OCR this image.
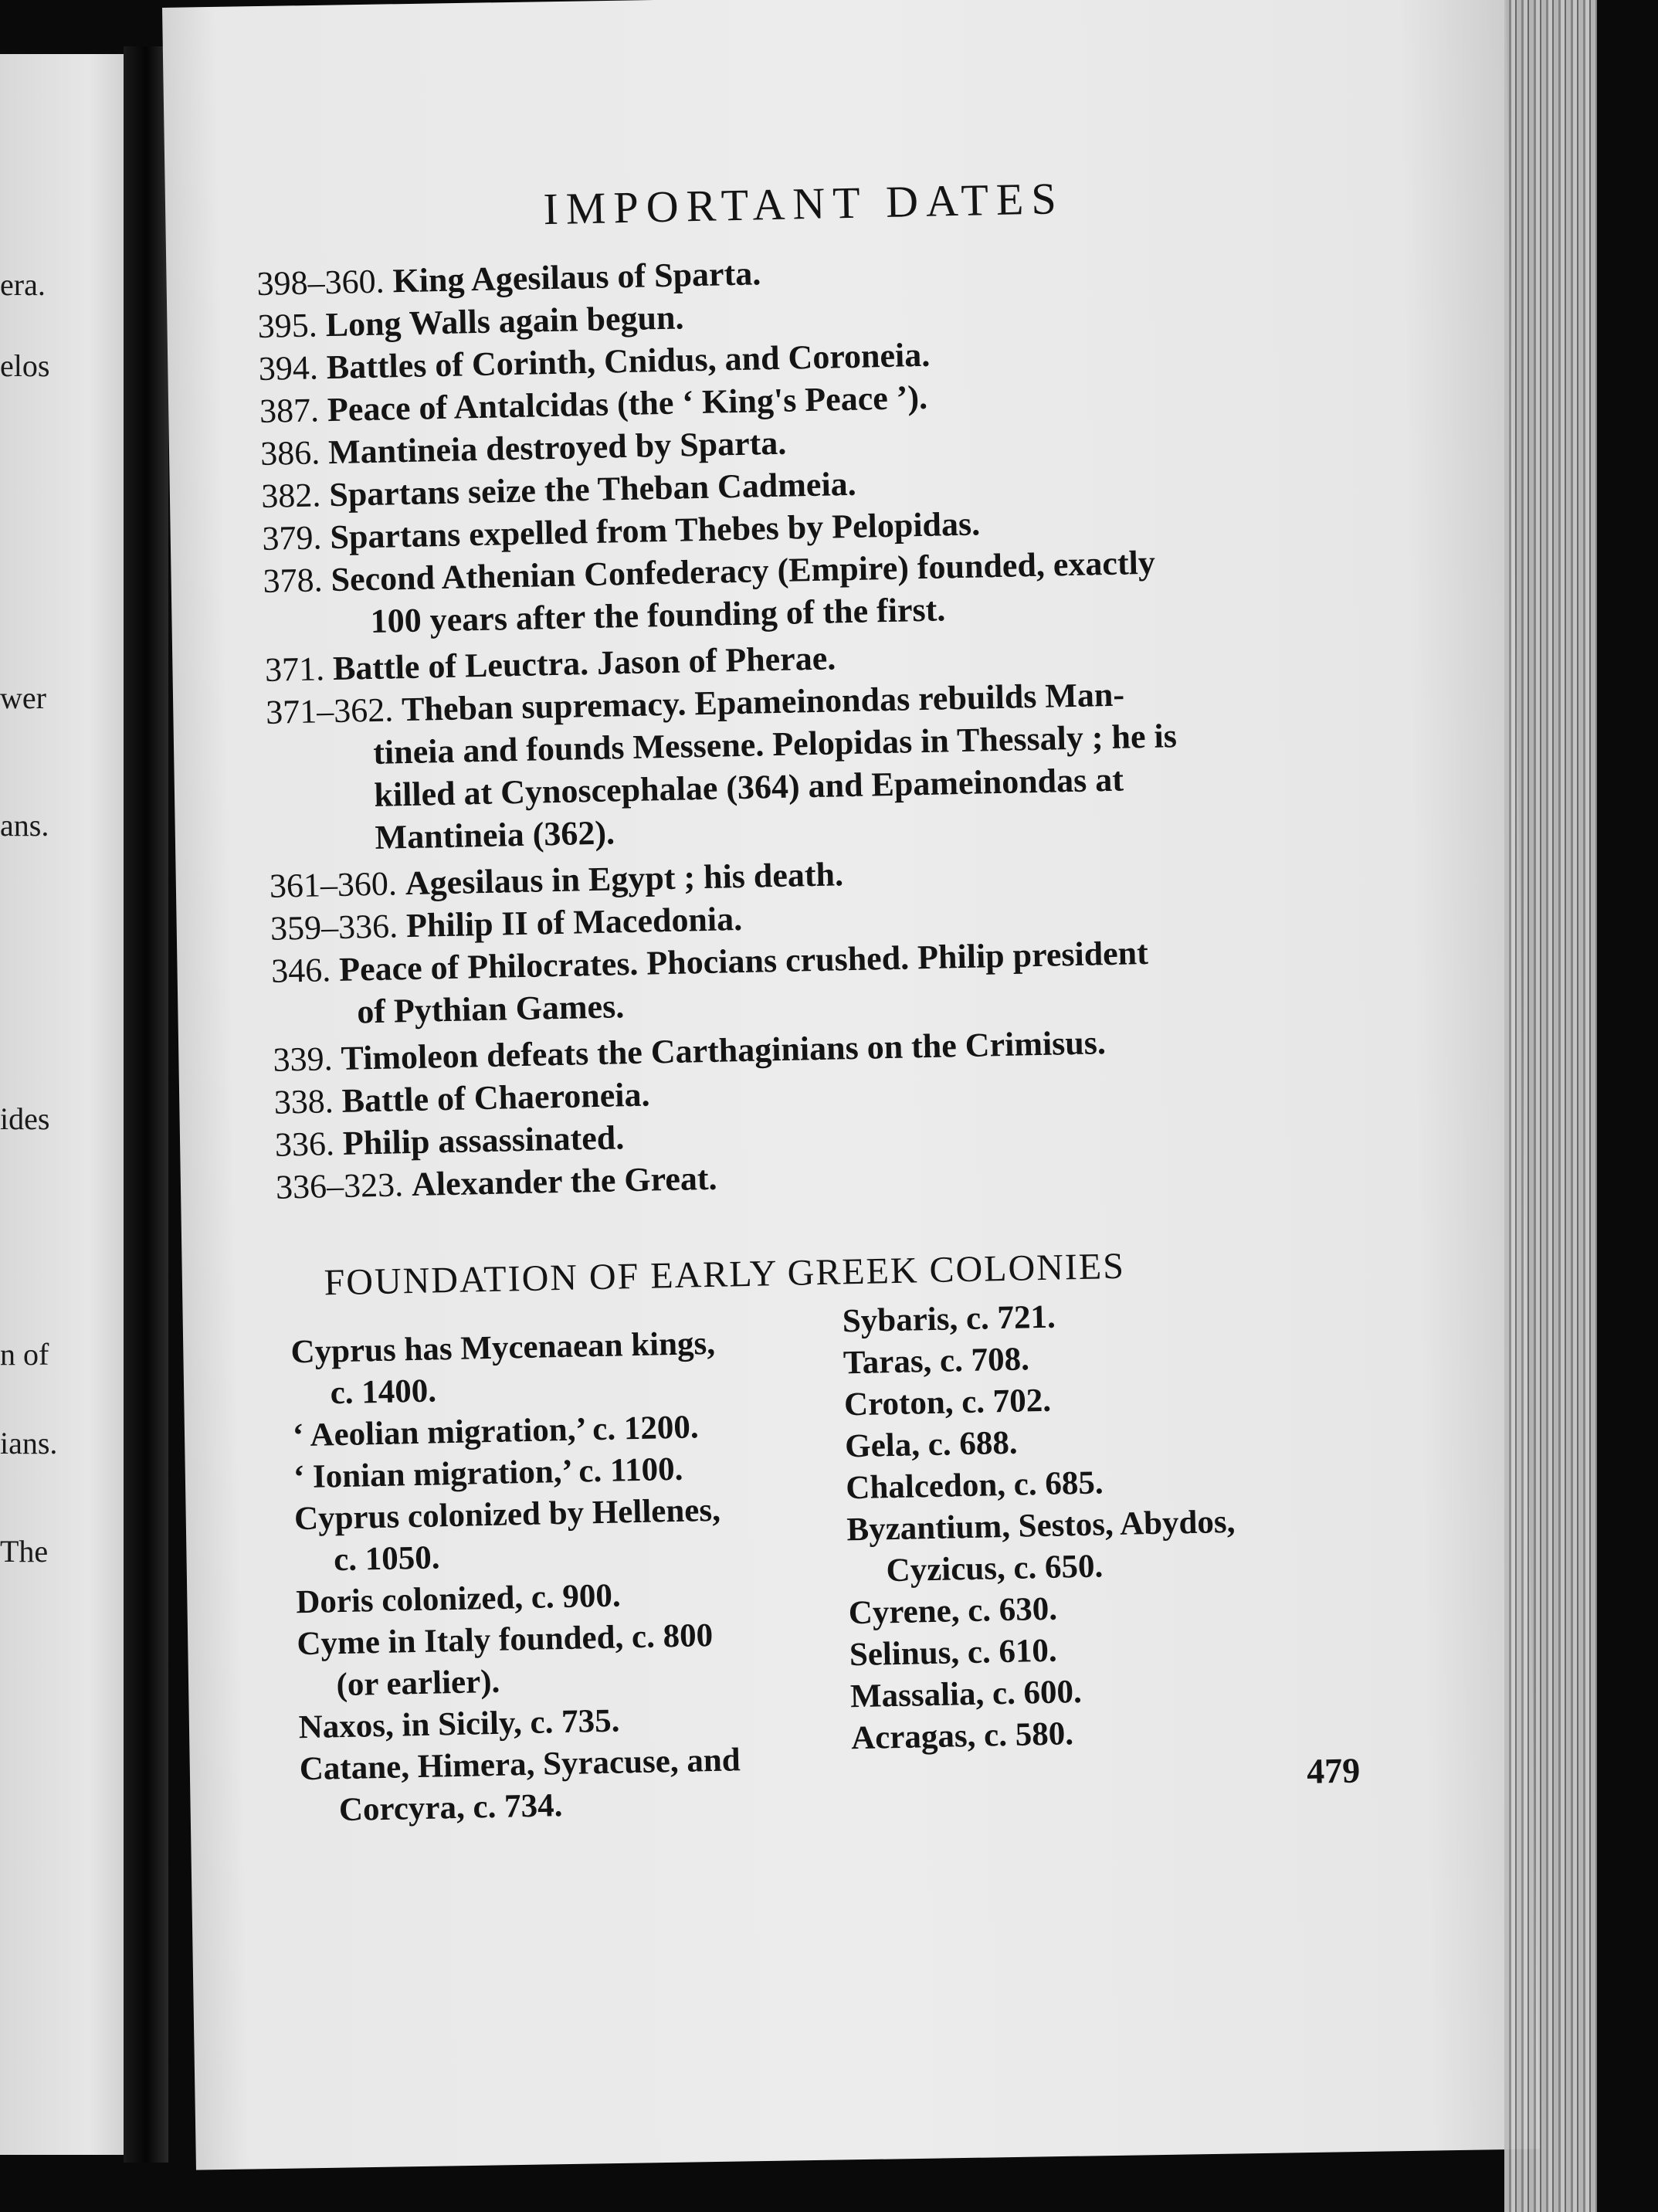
era.
elos
wer
ans.
ides
n of
ians.
The
IMPORTANT DATES
398–360. King Agesilaus of Sparta.
395. Long Walls again begun.
394. Battles of Corinth, Cnidus, and Coroneia.
387. Peace of Antalcidas (the ‘ King's Peace ’).
386. Mantineia destroyed by Sparta.
382. Spartans seize the Theban Cadmeia.
379. Spartans expelled from Thebes by Pelopidas.
378. Second Athenian Confederacy (Empire) founded, exactly
100 years after the founding of the first.
371. Battle of Leuctra. Jason of Pherae.
371–362. Theban supremacy. Epameinondas rebuilds Man-
tineia and founds Messene. Pelopidas in Thessaly ; he is killed at Cynoscephalae (364) and Epameinondas at Mantineia (362).
361–360. Agesilaus in Egypt ; his death.
359–336. Philip II of Macedonia.
346. Peace of Philocrates. Phocians crushed. Philip president
of Pythian Games.
339. Timoleon defeats the Carthaginians on the Crimisus.
338. Battle of Chaeroneia.
336. Philip assassinated.
336–323. Alexander the Great.
FOUNDATION OF EARLY GREEK COLONIES
Cyprus has Mycenaean kings,
c. 1400.
‘ Aeolian migration,’ c. 1200.
‘ Ionian migration,’ c. 1100.
Cyprus colonized by Hellenes,
c. 1050.
Doris colonized, c. 900.
Cyme in Italy founded, c. 800
(or earlier).
Naxos, in Sicily, c. 735.
Catane, Himera, Syracuse, and
Corcyra, c. 734.
Sybaris, c. 721.
Taras, c. 708.
Croton, c. 702.
Gela, c. 688.
Chalcedon, c. 685.
Byzantium, Sestos, Abydos,
Cyzicus, c. 650.
Cyrene, c. 630.
Selinus, c. 610.
Massalia, c. 600.
Acragas, c. 580.
479
